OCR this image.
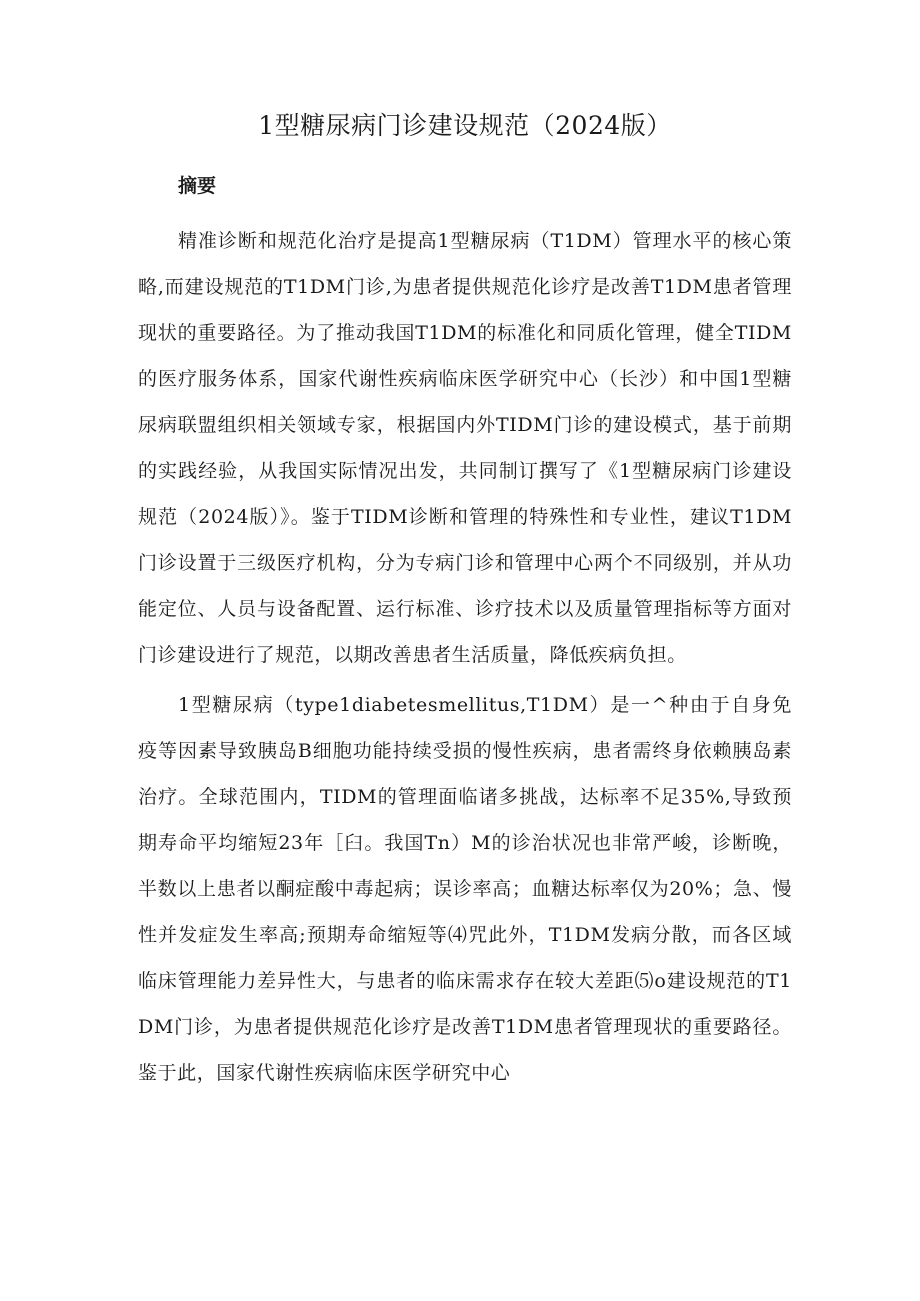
1型糖尿病门诊建设规范（2024版）
摘要

精准诊断和规范化治疗是提高1型糖尿病（T1DM）管理水平的核心策略,而建设规范的T1DM门诊,为患者提供规范化诊疗是改善T1DM患者管理现状的重要路径。为了推动我国T1DM的标准化和同质化管理，健全TIDM的医疗服务体系，国家代谢性疾病临床医学研究中心（长沙）和中国1型糖尿病联盟组织相关领域专家，根据国内外TIDM门诊的建设模式，基于前期的实践经验，从我国实际情况出发，共同制订撰写了《1型糖尿病门诊建设规范（2024版）》。鉴于TIDM诊断和管理的特殊性和专业性，建议T1DM门诊设置于三级医疗机构，分为专病门诊和管理中心两个不同级别，并从功能定位、人员与设备配置、运行标准、诊疗技术以及质量管理指标等方面对门诊建设进行了规范，以期改善患者生活质量，降低疾病负担。

1型糖尿病（type1diabetesmellitus,T1DM）是一^种由于自身免疫等因素导致胰岛B细胞功能持续受损的慢性疾病，患者需终身依赖胰岛素治疗。全球范围内，TIDM的管理面临诸多挑战，达标率不足35%,导致预期寿命平均缩短23年［臼。我国Tn）M的诊治状况也非常严峻，诊断晚，半数以上患者以酮症酸中毒起病；误诊率高；血糖达标率仅为20%；急、慢性并发症发生率高;预期寿命缩短等⑷咒此外，T1DM发病分散，而各区域临床管理能力差异性大，与患者的临床需求存在较大差距⑸o建设规范的T1DM门诊，为患者提供规范化诊疗是改善T1DM患者管理现状的重要路径。鉴于此，国家代谢性疾病临床医学研究中心
